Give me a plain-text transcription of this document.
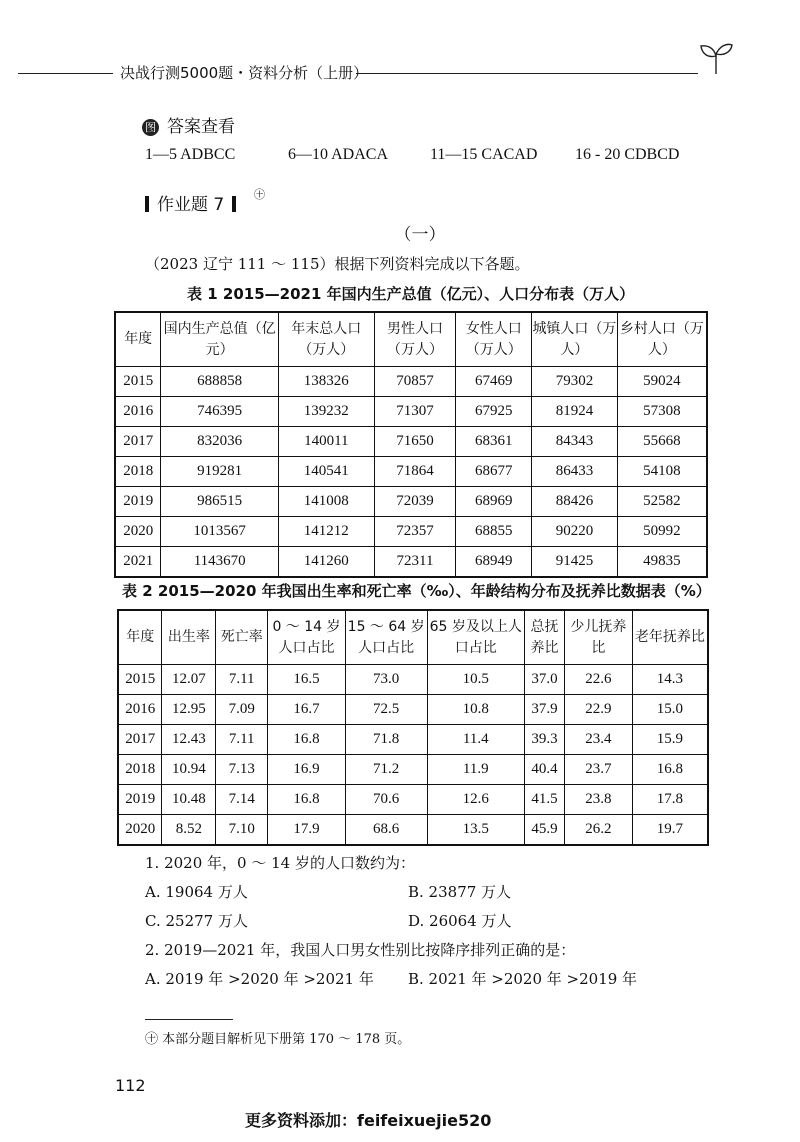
决战行测5000题・资料分析（上册）
图 答案查看
1—5 ADBCC	6—10 ADACA	11—15 CACAD 16 - 20 CDBCD
作业题 7
㊉
（一）
（2023 辽宁 111 ～ 115）根据下列资料完成以下各题。
表 1 2015—2021 年国内生产总值（亿元）、人口分布表（万人）
年度	国内生产总值（亿元）	年末总人口（万人）	男性人口（万人）	女性人口（万人）	城镇人口（万人）	乡村人口（万人）
2015	688858	138326	70857	67469	79302	59024
2016	746395	139232	71307	67925	81924	57308
2017	832036	140011	71650	68361	84343	55668
2018	919281	140541	71864	68677	86433	54108
2019	986515	141008	72039	68969	88426	52582
2020	1013567	141212	72357	68855	90220	50992
2021	1143670	141260	72311	68949	91425	49835
表 2 2015—2020 年我国出生率和死亡率（‰）、年龄结构分布及抚养比数据表（%）
年度	出生率	死亡率	0 ～ 14 岁人口占比	15 ～ 64 岁人口占比	65 岁及以上人口占比	总抚养比	少儿抚养比	老年抚养比
2015	12.07	7.11	16.5	73.0	10.5	37.0	22.6	14.3
2016	12.95	7.09	16.7	72.5	10.8	37.9	22.9	15.0
2017	12.43	7.11	16.8	71.8	11.4	39.3	23.4	15.9
2018	10.94	7.13	16.9	71.2	11.9	40.4	23.7	16.8
2019	10.48	7.14	16.8	70.6	12.6	41.5	23.8	17.8
2020	8.52	7.10	17.9	68.6	13.5	45.9	26.2	19.7
1. 2020 年，0 ～ 14 岁的人口数约为：
A. 19064 万人	B. 23877 万人
C. 25277 万人	D. 26064 万人
2. 2019—2021 年，我国人口男女性别比按降序排列正确的是：
A. 2019 年 >2020 年 >2021 年 B. 2021 年 >2020 年 >2019 年
㊉ 本部分题目解析见下册第 170 ～ 178 页。
112
更多资料添加：feifeixuejie520
